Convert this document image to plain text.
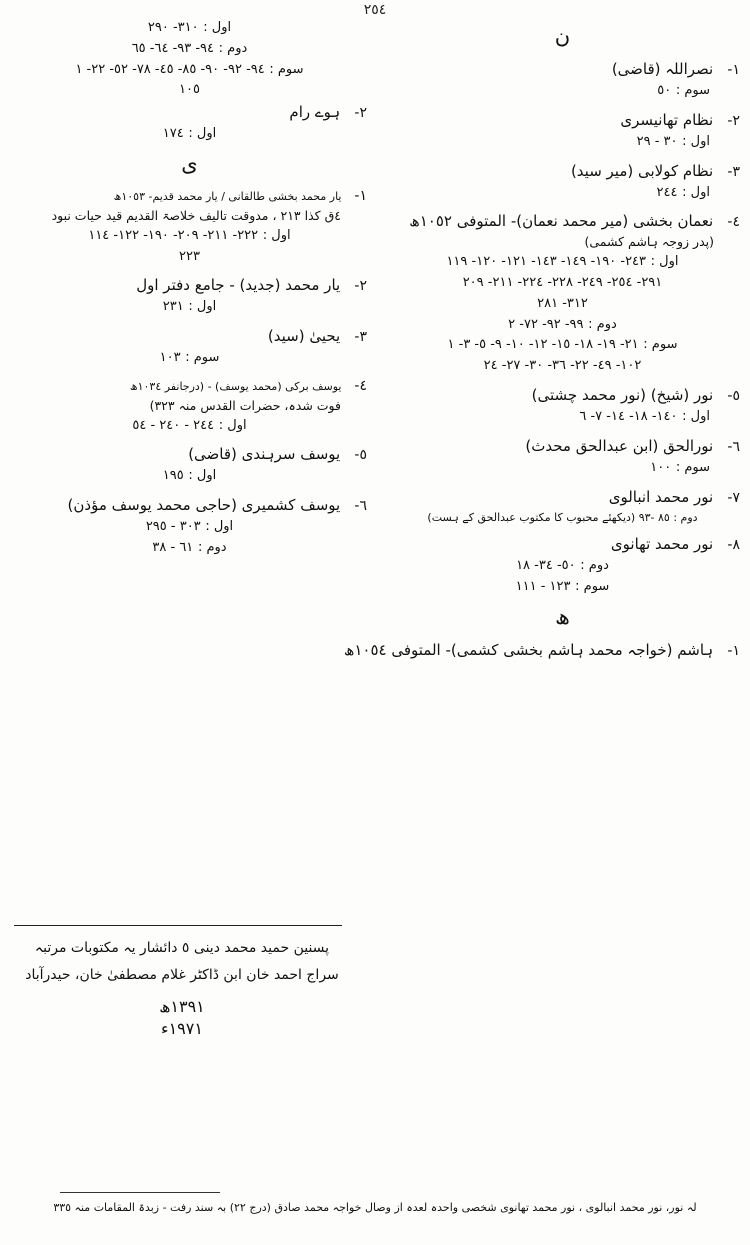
٢٥٤
ن
١- نصراللہ (قاضی)
سوم : ٥٠
٢- نظام تھانیسری
اول : ٢٩ - ٣٠
٣- نظام کولابی (میر سید)
اول : ٢٤٤
٤- نعمان بخشی (میر محمد نعمان)- المتوفی ١٠٥٢ھ
(پدر زوجہ ہاشم کشمی)
اول : ١١٩ -١٢٠ -١٢١ -١٤٣ -١٤٩ -١٩٠ -٢٤٣
٢٠٩ -٢١١ -٢٢٤ -٢٢٨ -٢٤٩ -٢٥٤ -٢٩١
٢٨١ -٣١٢
دوم : ٢ -٧٢ -٩٢ -٩٩
سوم : ١ -٣ -٥ -٩ -١٠ -١٢ -١٥ -١٨ -١٩ -٢١
٢٤ -٢٧ -٣٠ -٣٦ -٢٢ -٤٩ -١٠٢
٥- نور (شیخ) (نور محمد چشتی)
اول : ٦ -٧ -١٤ -١٨ -١٤٠
٦- نورالحق (ابن عبدالحق محدث)
سوم : ١٠٠
٧- نور محمد انبالوی
دوم : ٨٥ -٩٣ (دیکھئے محبوب کا مکتوب عبدالحق کے ہست)
٨- نور محمد تھانوی
دوم : ١٨ -٣٤ -٥٠
سوم : ١١١ - ١٢٣
ھ
١- ہاشم (خواجہ محمد ہاشم بخشی کشمی)- المتوفی ١٠٥٤ھ
اول : ٢٩٠ -٣١٠
دوم : ٦٥ -٦٤ -٩٣ -٩٤
سوم : ١ -٢٢ -٥٢ -٧٨ -٤٥ -٨٥ -٩٠ -٩٢ -٩٤
١٠٥
٢- ہوے رام
اول : ١٧٤
ی
١- یار محمد بخشی طالقانی / یار محمد قدیم- ١٠٥٣ھ
٤ق کذا ٢١٣ ، مدوقت تالیف خلاصۃ القدیم قید حیات نبود
اول : ١١٤ -١٢٢ -١٩٠ -٢٠٩ -٢١١ -٢٢٢
٢٢٣
٢- یار محمد (جدید) - جامع دفتر اول
اول : ٢٣١
٣- یحییٰ (سید)
سوم : ١٠٣
٤- یوسف برکی (محمد یوسف) - (درجانفر ١٠٣٤ھ
فوت شدہ، حضرات القدس منہ ٣٢٣)
اول : ٥٤ - ٢٤٠ - ٢٤٤
٥- یوسف سرہندی (قاضی)
اول : ١٩٥
٦- یوسف کشمیری (حاجی محمد یوسف مؤذن)
اول : ٢٩٥ - ٣٠٣
دوم : ٣٨ - ٦١
پسنین حمید محمد دینی ٥ دائشار یہ مکتوبات مرتبہ
سراج احمد خان ابن ڈاکٹر غلام مصطفیٰ خان، حیدرآباد
١٣٩١ھ
١٩٧١ء
لہ نور، نور محمد انبالوی ، نور محمد تھانوی شخصی واحدہ لعدہ از وصال خواجہ محمد صادق (درج ٢٢) بہ سند رفت - زبدۃ المقامات منہ ٣٣٥
